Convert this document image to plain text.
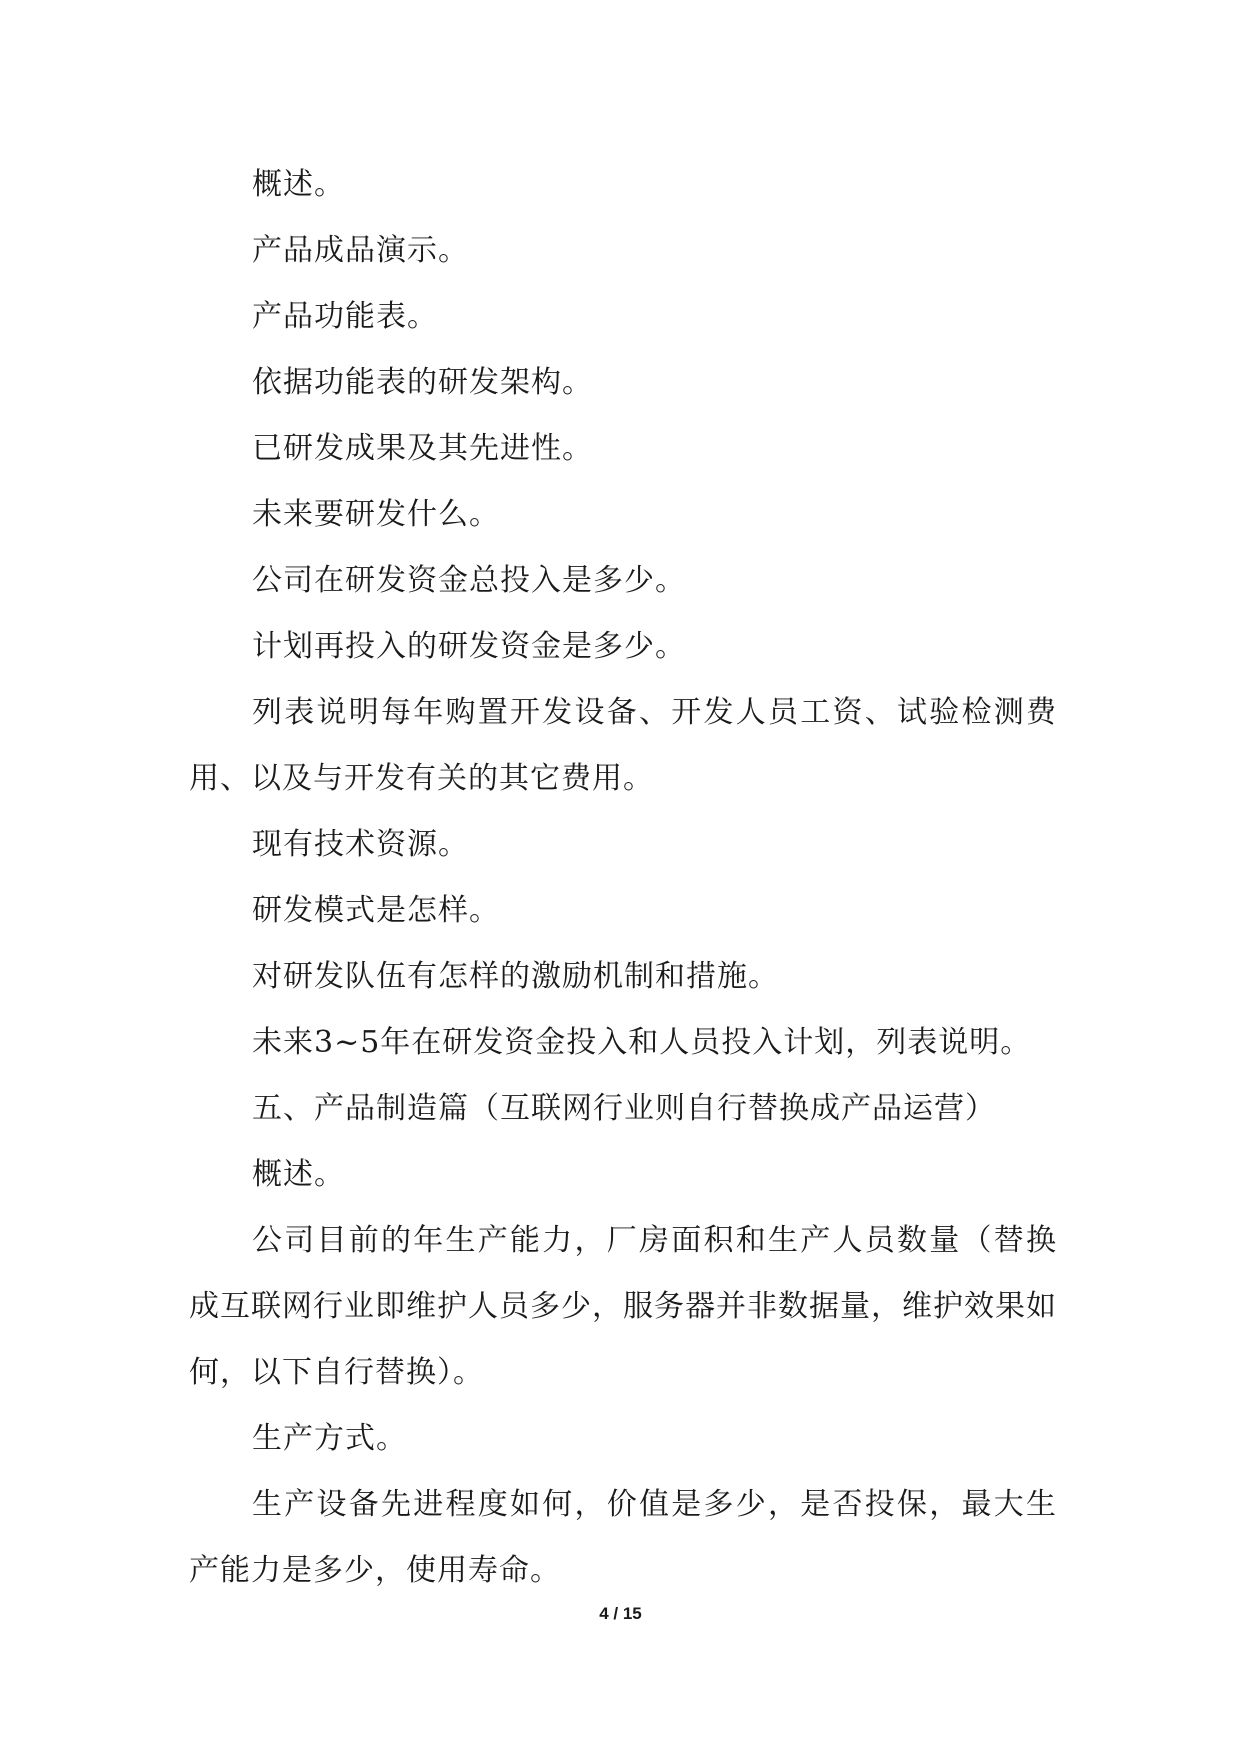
概述。

产品成品演示。

产品功能表。

依据功能表的研发架构。

已研发成果及其先进性。

未来要研发什么。

公司在研发资金总投入是多少。

计划再投入的研发资金是多少。

列表说明每年购置开发设备、开发人员工资、试验检测费用、以及与开发有关的其它费用。

现有技术资源。

研发模式是怎样。

对研发队伍有怎样的激励机制和措施。

未来3~5年在研发资金投入和人员投入计划，列表说明。

五、产品制造篇（互联网行业则自行替换成产品运营）

概述。

公司目前的年生产能力，厂房面积和生产人员数量（替换成互联网行业即维护人员多少，服务器并非数据量，维护效果如何，以下自行替换）。

生产方式。

生产设备先进程度如何，价值是多少，是否投保，最大生产能力是多少，使用寿命。

4 / 15
